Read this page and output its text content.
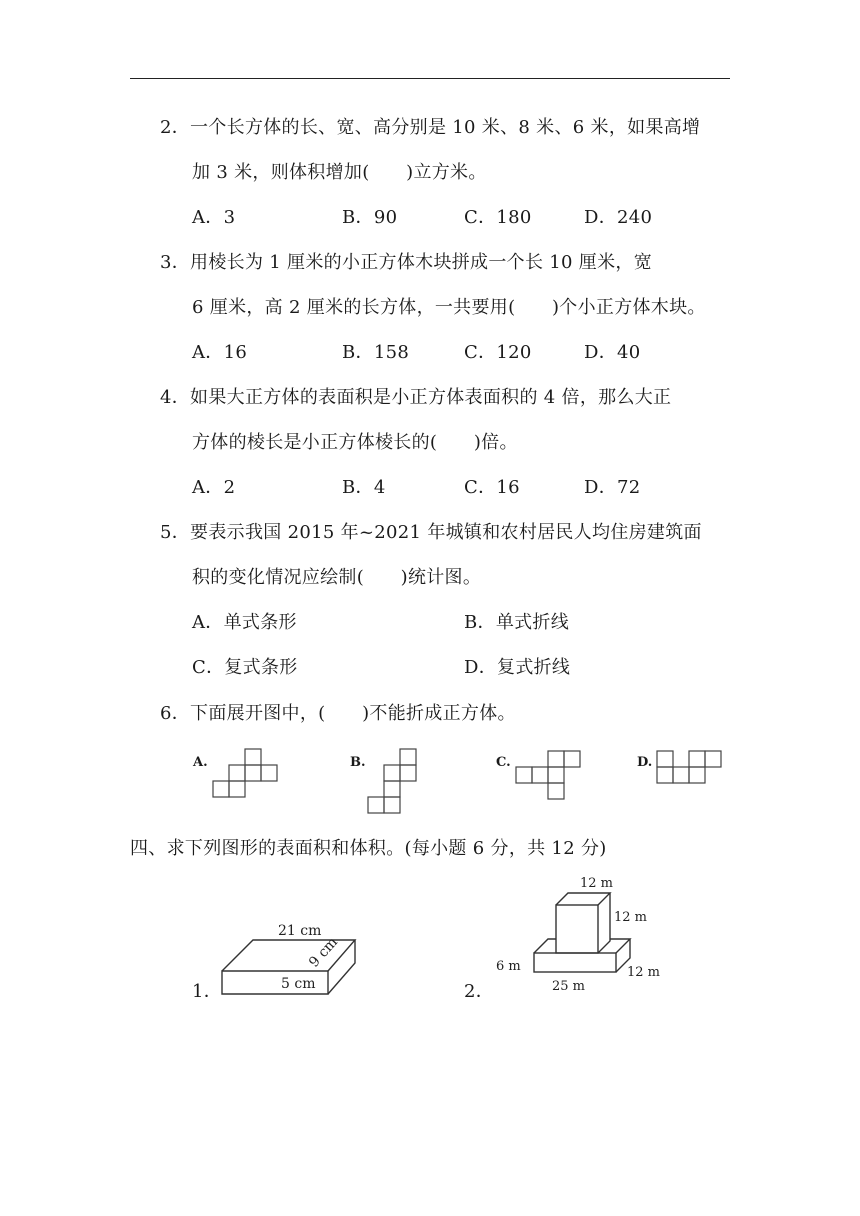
2．一个长方体的长、宽、高分别是 10 米、8 米、6 米，如果高增
加 3 米，则体积增加(　　)立方米。
A．3	B．90	C．180	D．240
3．用棱长为 1 厘米的小正方体木块拼成一个长 10 厘米，宽
6 厘米，高 2 厘米的长方体，一共要用(　　)个小正方体木块。
A．16	B．158	C．120	D．40
4．如果大正方体的表面积是小正方体表面积的 4 倍，那么大正
方体的棱长是小正方体棱长的(　　)倍。
A．2	B．4	C．16	D．72
5．要表示我国 2015 年~2021 年城镇和农村居民人均住房建筑面
积的变化情况应绘制(　　)统计图。
A．单式条形	B．单式折线
C．复式条形	D．复式折线
6．下面展开图中，(　　)不能折成正方体。
A.	B.	C.	D.
四、求下列图形的表面积和体积。(每小题 6 分，共 12 分)
1．
21 cm
9 cm
5 cm	2．
12 m
12 m
6 m	12 m
25 m
